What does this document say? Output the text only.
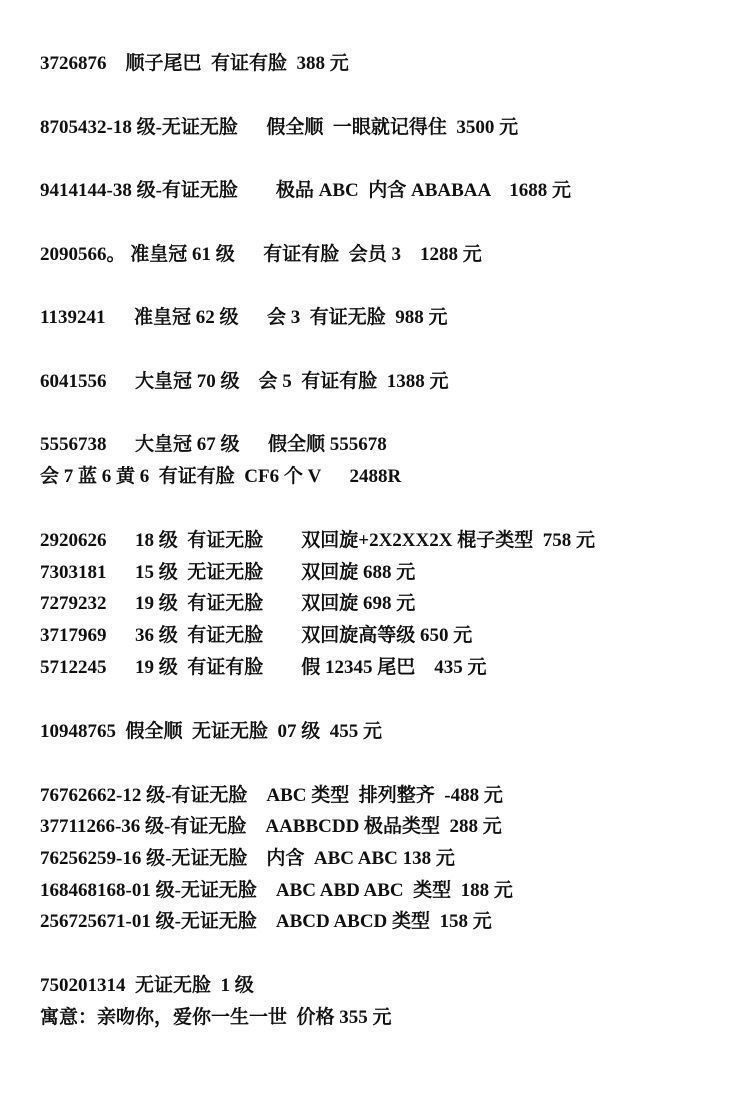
3726876　顺子尾巴  有证有脸  388 元
8705432-18 级-无证无脸      假全顺  一眼就记得住  3500 元
9414144-38 级-有证无脸        极品 ABC  内含 ABABAA    1688 元
2090566。 准皇冠 61 级      有证有脸  会员 3    1288 元
1139241      准皇冠 62 级      会 3  有证无脸  988 元
6041556      大皇冠 70 级    会 5  有证有脸  1388 元
5556738      大皇冠 67 级      假全顺 555678
会 7 蓝 6 黄 6  有证有脸  CF6 个 V      2488R
2920626      18 级  有证无脸        双回旋+2X2XX2X 棍子类型  758 元
7303181      15 级  无证无脸        双回旋 688 元
7279232      19 级  有证无脸        双回旋 698 元
3717969      36 级  有证无脸        双回旋高等级 650 元
5712245      19 级  有证有脸        假 12345 尾巴    435 元
10948765  假全顺  无证无脸  07 级  455 元
76762662-12 级-有证无脸    ABC 类型  排列整齐  -488 元
37711266-36 级-有证无脸    AABBCDD 极品类型  288 元
76256259-16 级-无证无脸    内含  ABC ABC 138 元
168468168-01 级-无证无脸    ABC ABD ABC  类型  188 元
256725671-01 级-无证无脸    ABCD ABCD 类型  158 元
750201314  无证无脸  1 级
寓意：亲吻你，爱你一生一世  价格 355 元
